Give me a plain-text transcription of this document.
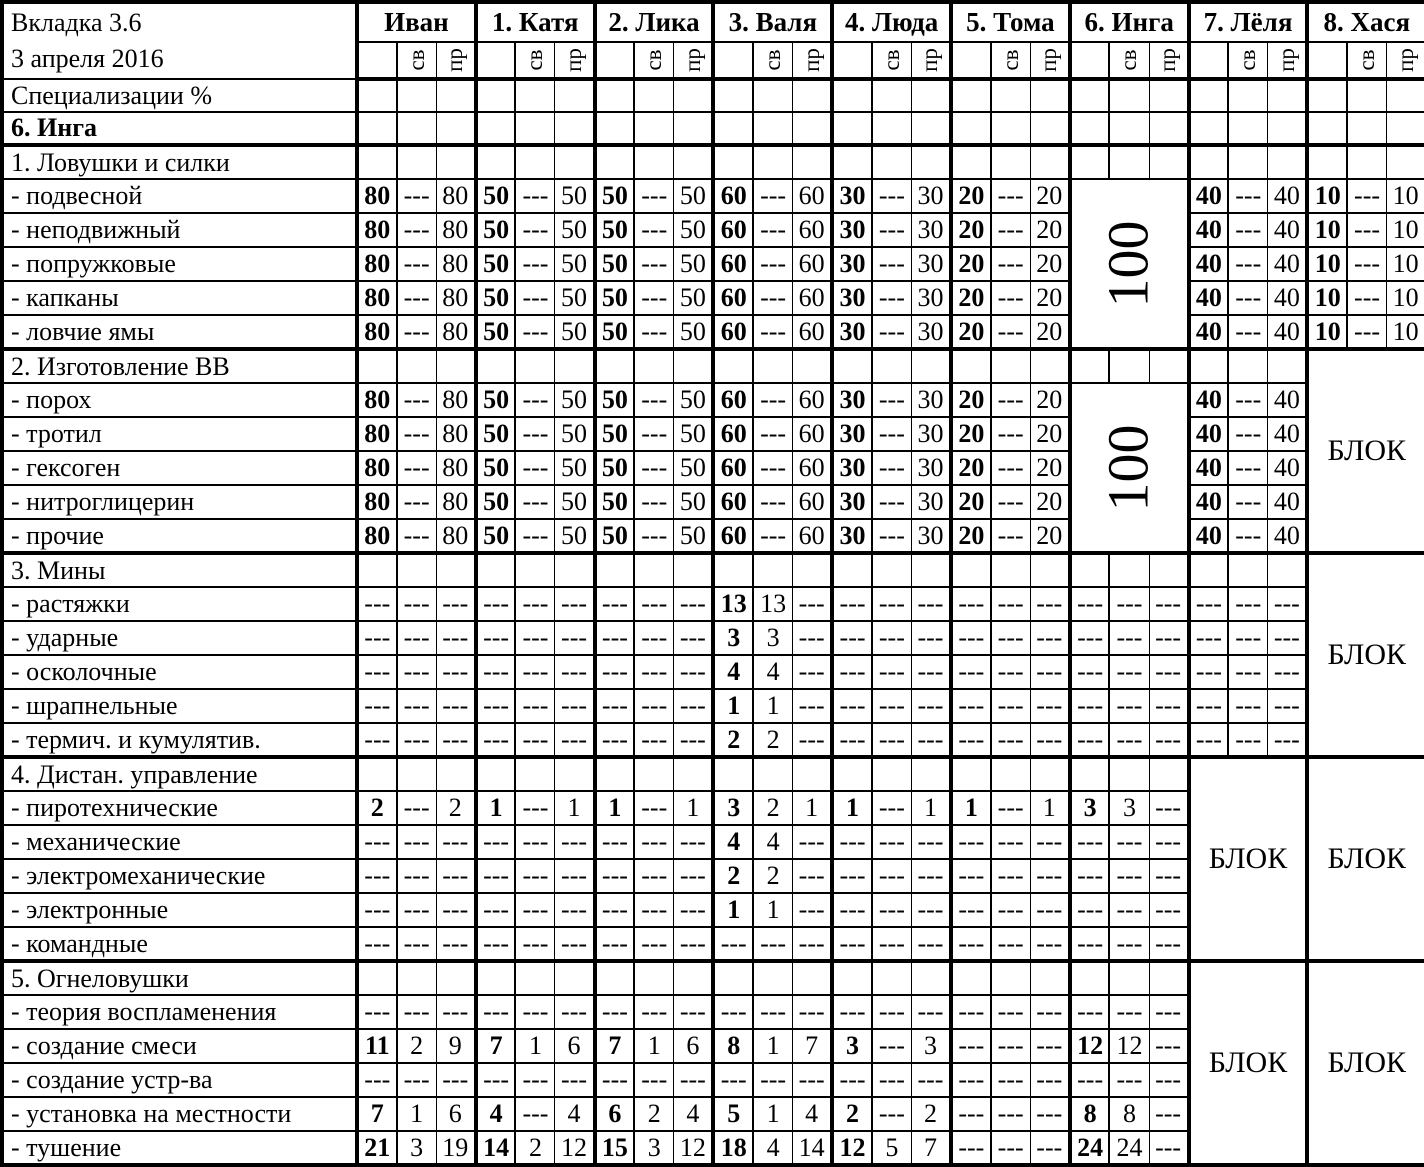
Вкладка 3.6
3 апреля 2016	Иван			1. Катя			2. Лика			3. Валя			4. Люда			5. Тома			6. Инга			7. Лёля			8. Хася		

		св	пр		св	пр		св	пр		св	пр		св	пр		св	пр		св	пр		св	пр		св	пр

Специализации %																											
6. Инга																											
1. Ловушки и силки																											
- подвесной	80	---	80	50	---	50	50	---	50	60	---	60	30	---	30	20	---	20	100			40	---	40	10	---	10
- неподвижный	80	---	80	50	---	50	50	---	50	60	---	60	30	---	30	20	---	20				40	---	40	10	---	10
- попружковые	80	---	80	50	---	50	50	---	50	60	---	60	30	---	30	20	---	20				40	---	40	10	---	10
- капканы	80	---	80	50	---	50	50	---	50	60	---	60	30	---	30	20	---	20				40	---	40	10	---	10
- ловчие ямы	80	---	80	50	---	50	50	---	50	60	---	60	30	---	30	20	---	20				40	---	40	10	---	10
2. Изготовление ВВ																									БЛОК		
- порох	80	---	80	50	---	50	50	---	50	60	---	60	30	---	30	20	---	20	100			40	---	40			
- тротил	80	---	80	50	---	50	50	---	50	60	---	60	30	---	30	20	---	20				40	---	40			
- гексоген	80	---	80	50	---	50	50	---	50	60	---	60	30	---	30	20	---	20				40	---	40			
- нитроглицерин	80	---	80	50	---	50	50	---	50	60	---	60	30	---	30	20	---	20				40	---	40			
- прочие	80	---	80	50	---	50	50	---	50	60	---	60	30	---	30	20	---	20				40	---	40			
3. Мины																									БЛОК		
- растяжки	---	---	---	---	---	---	---	---	---	13	13	---	---	---	---	---	---	---	---	---	---	---	---	---			
- ударные	---	---	---	---	---	---	---	---	---	3	3	---	---	---	---	---	---	---	---	---	---	---	---	---			
- осколочные	---	---	---	---	---	---	---	---	---	4	4	---	---	---	---	---	---	---	---	---	---	---	---	---			
- шрапнельные	---	---	---	---	---	---	---	---	---	1	1	---	---	---	---	---	---	---	---	---	---	---	---	---			
- термич. и кумулятив.	---	---	---	---	---	---	---	---	---	2	2	---	---	---	---	---	---	---	---	---	---	---	---	---			
4. Дистан. управление																						БЛОК			БЛОК		
- пиротехнические	2	---	2	1	---	1	1	---	1	3	2	1	1	---	1	1	---	1	3	3	---						
- механические	---	---	---	---	---	---	---	---	---	4	4	---	---	---	---	---	---	---	---	---	---						
- электромеханические	---	---	---	---	---	---	---	---	---	2	2	---	---	---	---	---	---	---	---	---	---						
- электронные	---	---	---	---	---	---	---	---	---	1	1	---	---	---	---	---	---	---	---	---	---						
- командные	---	---	---	---	---	---	---	---	---	---	---	---	---	---	---	---	---	---	---	---	---						
5. Огнеловушки																						БЛОК			БЛОК		
- теория воспламенения	---	---	---	---	---	---	---	---	---	---	---	---	---	---	---	---	---	---	---	---	---						
- создание смеси	11	2	9	7	1	6	7	1	6	8	1	7	3	---	3	---	---	---	12	12	---						
- создание устр-ва	---	---	---	---	---	---	---	---	---	---	---	---	---	---	---	---	---	---	---	---	---						
- установка на местности	7	1	6	4	---	4	6	2	4	5	1	4	2	---	2	---	---	---	8	8	---						
- тушение	21	3	19	14	2	12	15	3	12	18	4	14	12	5	7	---	---	---	24	24	---						
